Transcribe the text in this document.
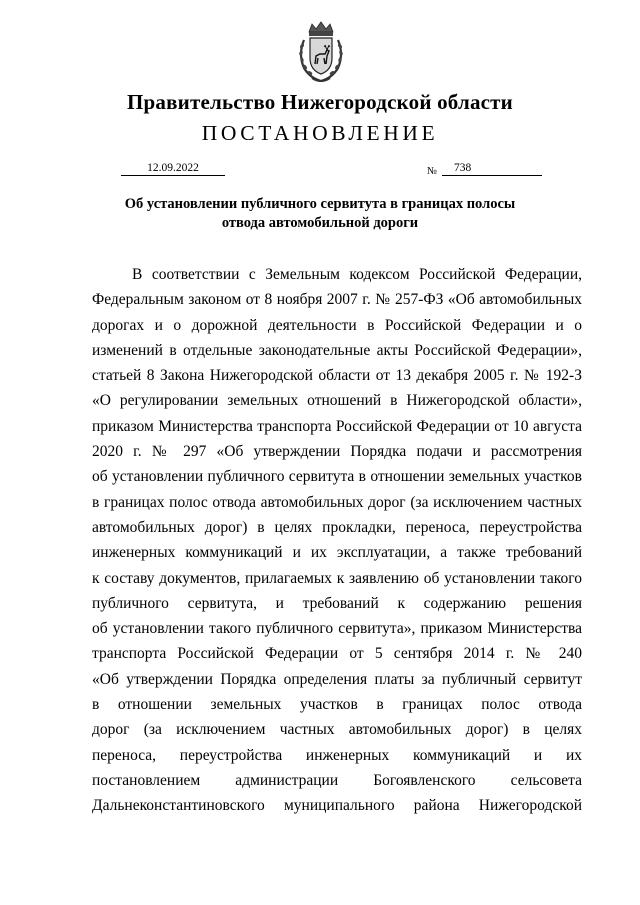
Правительство Нижегородской области
ПОСТАНОВЛЕНИЕ
12.09.2022	№	738
Об установлении публичного сервитута в границах полосы
отвода автомобильной дороги
В соответствии с Земельным кодексом Российской Федерации,
Федеральным законом от 8 ноября 2007 г. № 257-ФЗ «Об автомобильных
дорогах и о дорожной деятельности в Российской Федерации и о
изменений в отдельные законодательные акты Российской Федерации»,
статьей 8 Закона Нижегородской области от 13 декабря 2005 г. № 192-З
«О регулировании земельных отношений в Нижегородской области»,
приказом Министерства транспорта Российской Федерации от 10 августа
2020 г. № 297 «Об утверждении Порядка подачи и рассмотрения
об установлении публичного сервитута в отношении земельных участков
в границах полос отвода автомобильных дорог (за исключением частных
автомобильных дорог) в целях прокладки, переноса, переустройства
инженерных коммуникаций и их эксплуатации, а также требований
к составу документов, прилагаемых к заявлению об установлении такого
публичного сервитута, и требований к содержанию решения
об установлении такого публичного сервитута», приказом Министерства
транспорта Российской Федерации от 5 сентября 2014 г. № 240
«Об утверждении Порядка определения платы за публичный сервитут
в отношении земельных участков в границах полос отвода
дорог (за исключением частных автомобильных дорог) в целях
переноса, переустройства инженерных коммуникаций и их
постановлением администрации Богоявленского сельсовета
Дальнеконстантиновского муниципального района Нижегородской
